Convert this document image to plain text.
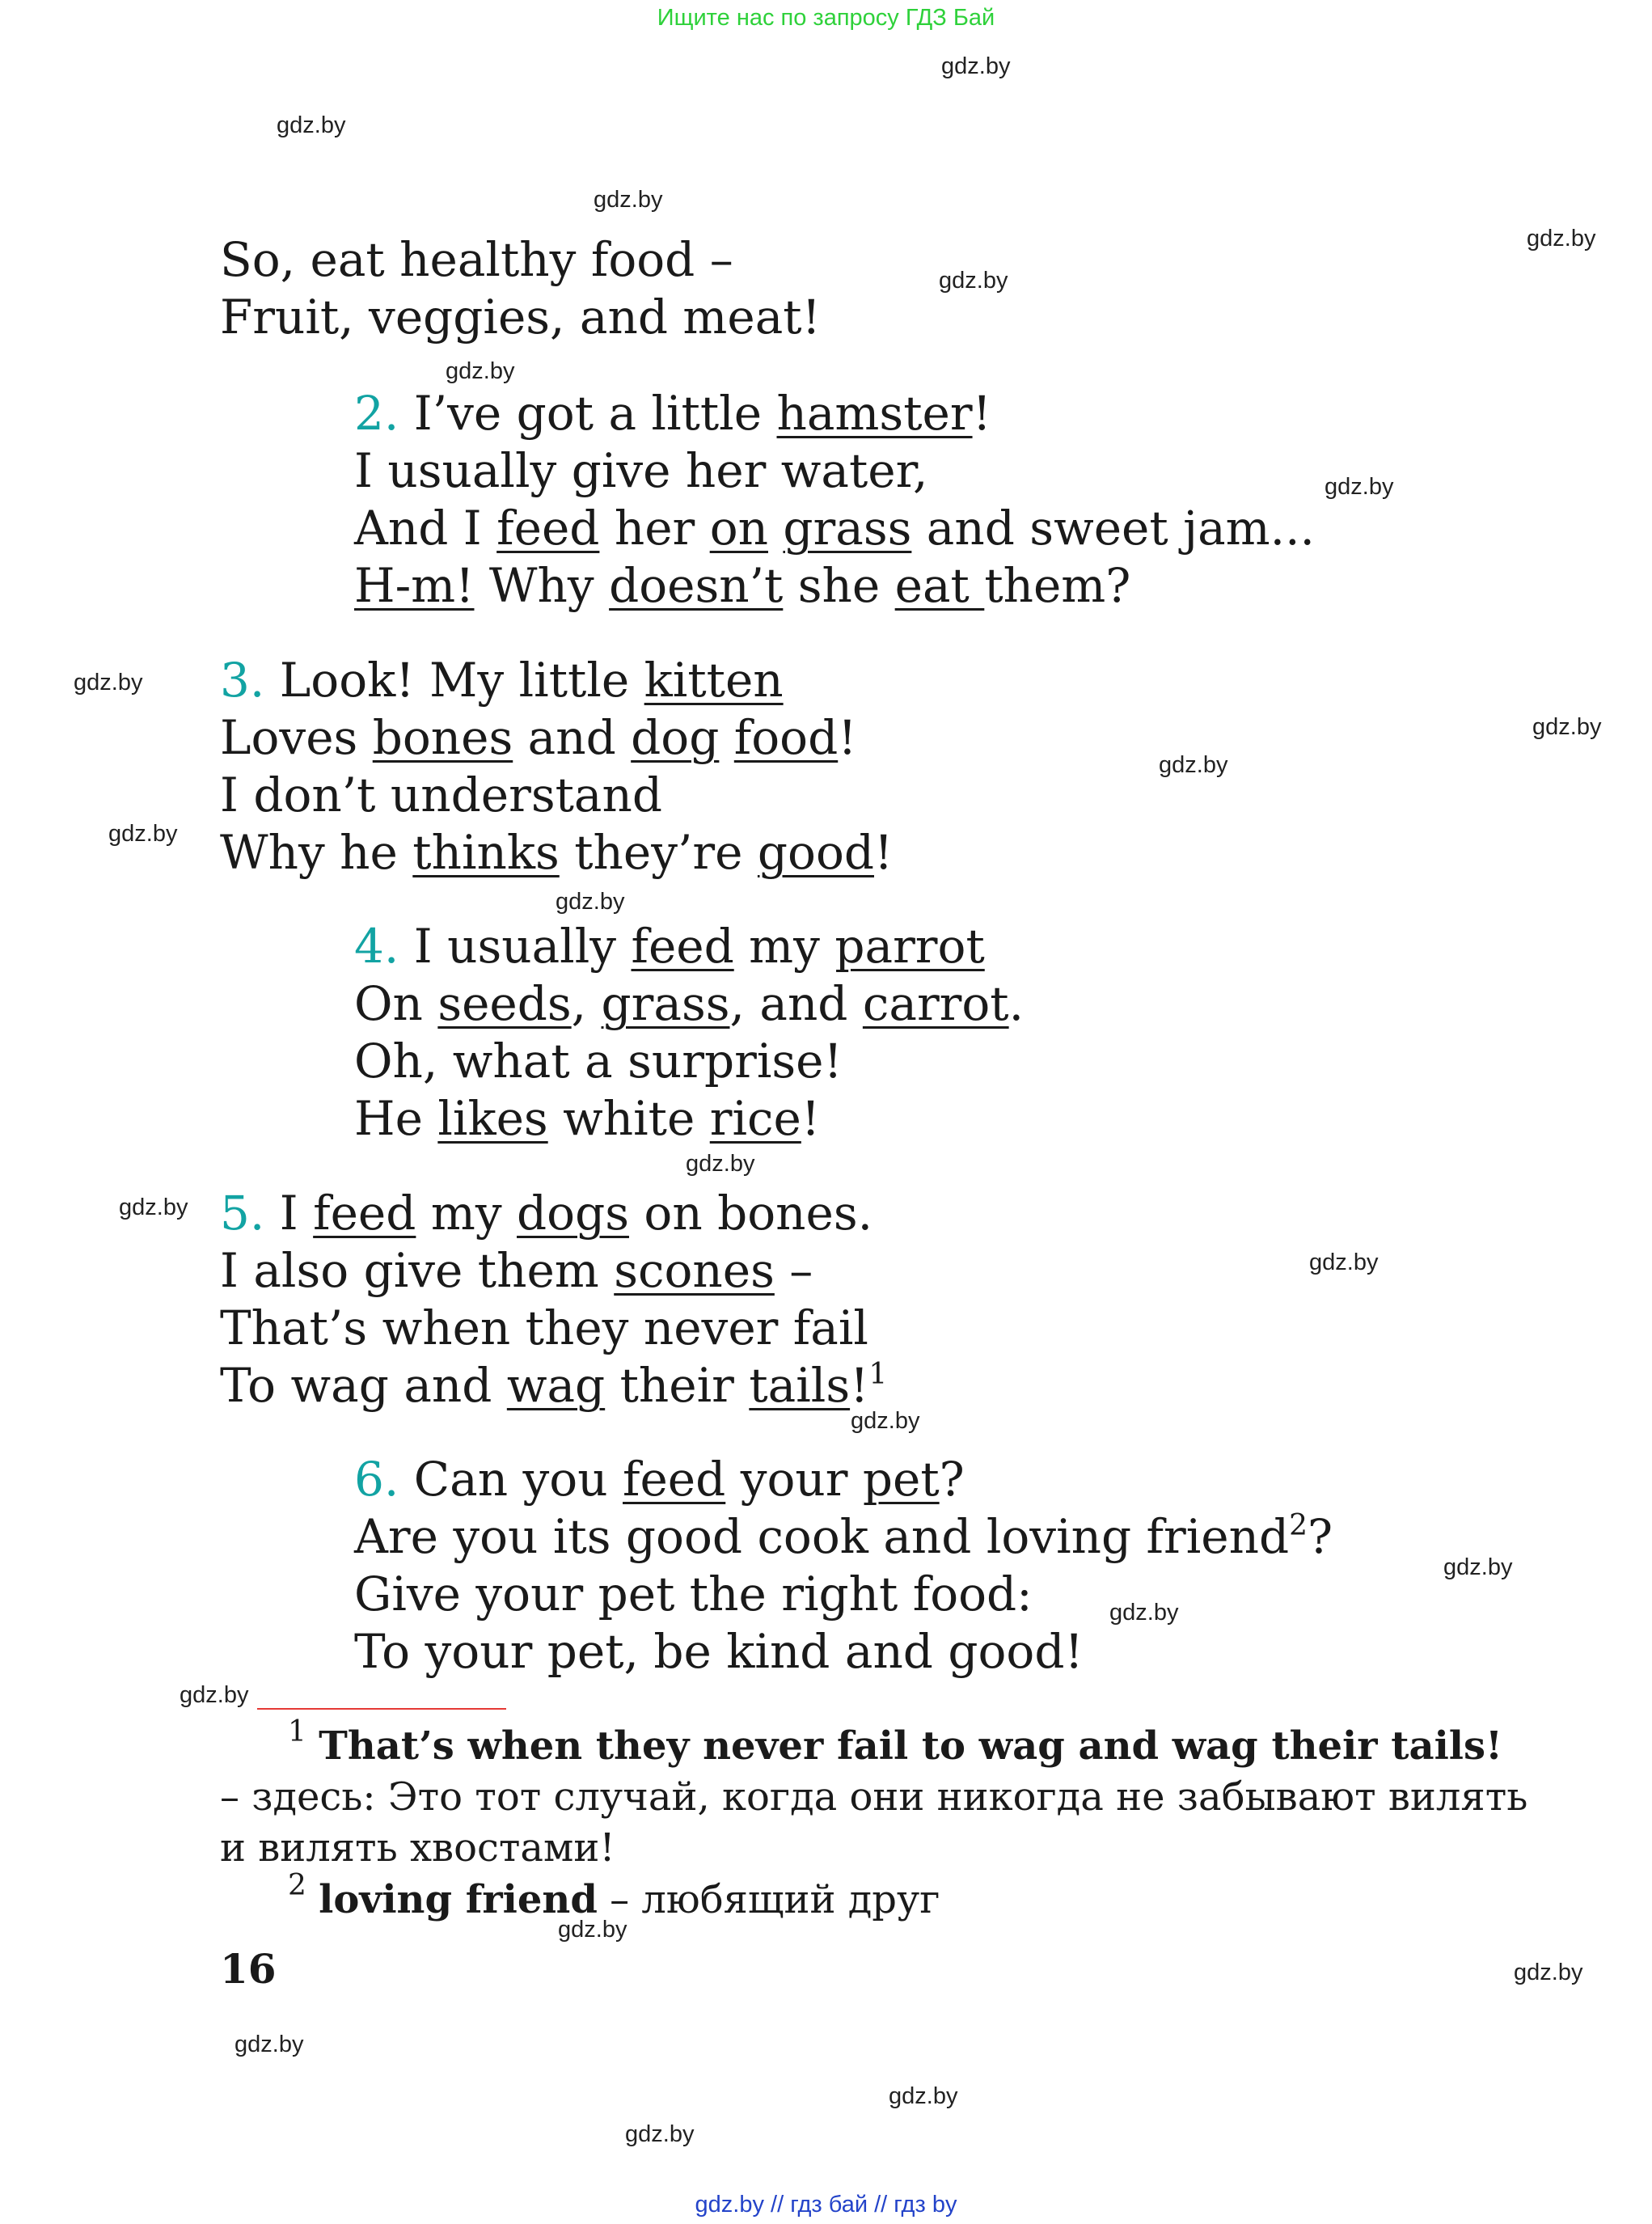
Ищите нас по запросу ГДЗ Бай
gdz.by
gdz.by
gdz.by
gdz.by
gdz.by
gdz.by
gdz.by
gdz.by
gdz.by
gdz.by
gdz.by
gdz.by
gdz.by
gdz.by
gdz.by
gdz.by
gdz.by
gdz.by
gdz.by
gdz.by
gdz.by
gdz.by
gdz.by
gdz.by
So, eat healthy food –
Fruit, veggies, and meat!
2. I’ve got a little hamster!
I usually give her water,
And I feed her on grass and sweet jam...
H-m! Why doesn’t she eat them?
3. Look! My little kitten
Loves bones and dog food!
I don’t understand
Why he thinks they’re good!
4. I usually feed my parrot
On seeds, grass, and carrot.
Oh, what a surprise!
He likes white rice!
5. I feed my dogs on bones.
I also give them scones –
That’s when they never fail
To wag and wag their tails!$^1$
6. Can you feed your pet?
Are you its good cook and loving friend$^2$?
Give your pet the right food:
To your pet, be kind and good!
$^1$ That’s when they never fail to wag and wag their tails! – здесь: Это тот случай, когда они никогда не забывают вилять и вилять хвостами!
$^2$ loving friend – любящий друг
16
gdz.by // гдз бай // гдз by
